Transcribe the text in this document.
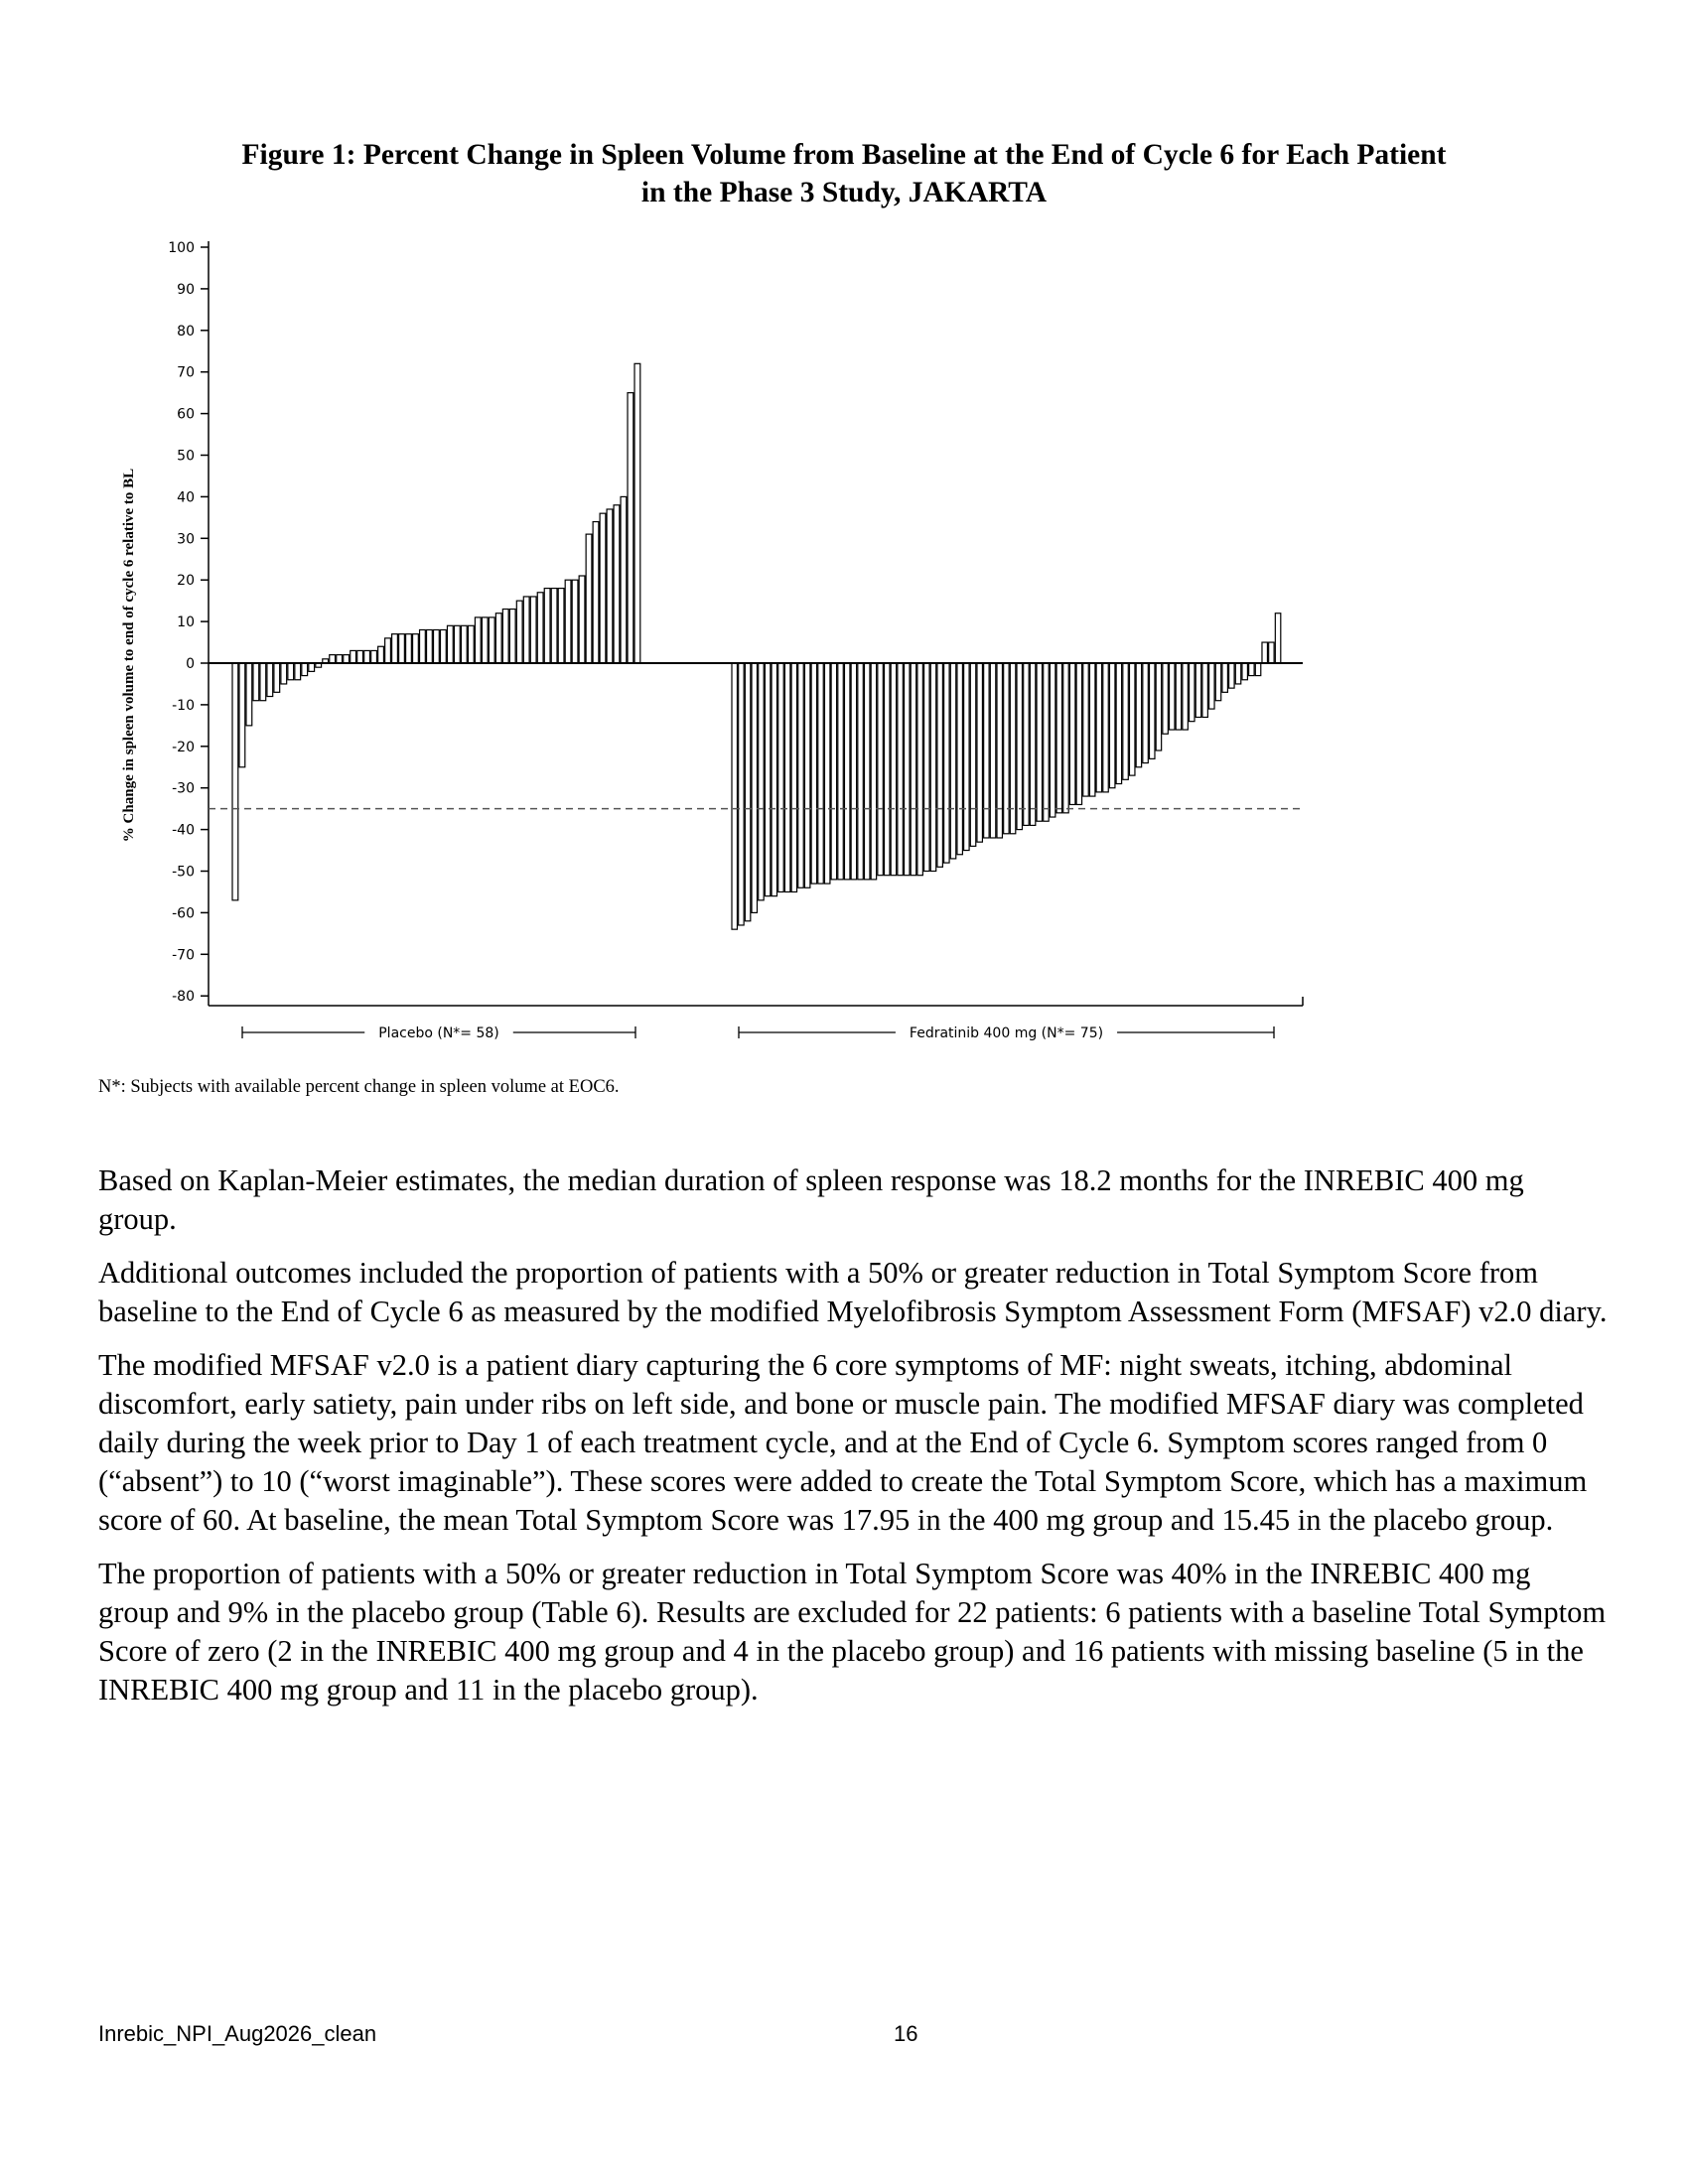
Figure 1: Percent Change in Spleen Volume from Baseline at the End of Cycle 6 for Each Patient
in the Phase 3 Study, JAKARTA
100
90
80
70
60
50
40
30
20
10
0
-10
-20
-30
-40
-50
-60
-70
-80
% Change in spleen volume to end of cycle 6 relative to BL
Placebo (N*= 58)	Fedratinib 400 mg (N*= 75)
N*: Subjects with available percent change in spleen volume at EOC6.

Based on Kaplan-Meier estimates, the median duration of spleen response was 18.2 months for the INREBIC 400 mg group.

Additional outcomes included the proportion of patients with a 50% or greater reduction in Total Symptom Score from baseline to the End of Cycle 6 as measured by the modified Myelofibrosis Symptom Assessment Form (MFSAF) v2.0 diary.

The modified MFSAF v2.0 is a patient diary capturing the 6 core symptoms of MF: night sweats, itching, abdominal discomfort, early satiety, pain under ribs on left side, and bone or muscle pain. The modified MFSAF diary was completed daily during the week prior to Day 1 of each treatment cycle, and at the End of Cycle 6. Symptom scores ranged from 0 (“absent”) to 10 (“worst imaginable”). These scores were added to create the Total Symptom Score, which has a maximum score of 60. At baseline, the mean Total Symptom Score was 17.95 in the 400 mg group and 15.45 in the placebo group.

The proportion of patients with a 50% or greater reduction in Total Symptom Score was 40% in the INREBIC 400 mg group and 9% in the placebo group (Table 6). Results are excluded for 22 patients: 6 patients with a baseline Total Symptom Score of zero (2 in the INREBIC 400 mg group and 4 in the placebo group) and 16 patients with missing baseline (5 in the INREBIC 400 mg group and 11 in the placebo group).

Inrebic_NPI_Aug2026_clean	16
